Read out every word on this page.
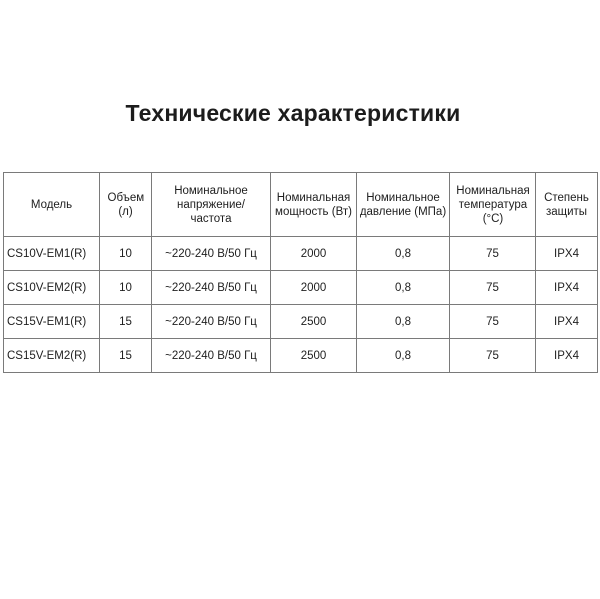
Технические характеристики
Модель	Объем (л)	Номинальное напряжение/ частота	Номинальная мощность (Вт)	Номинальное давление (МПа)	Номинальная температура (°C)	Степень защиты
CS10V-EM1(R)	10	~220-240 В/50 Гц	2000	0,8	75	IPX4
CS10V-EM2(R)	10	~220-240 В/50 Гц	2000	0,8	75	IPX4
CS15V-EM1(R)	15	~220-240 В/50 Гц	2500	0,8	75	IPX4
CS15V-EM2(R)	15	~220-240 В/50 Гц	2500	0,8	75	IPX4
